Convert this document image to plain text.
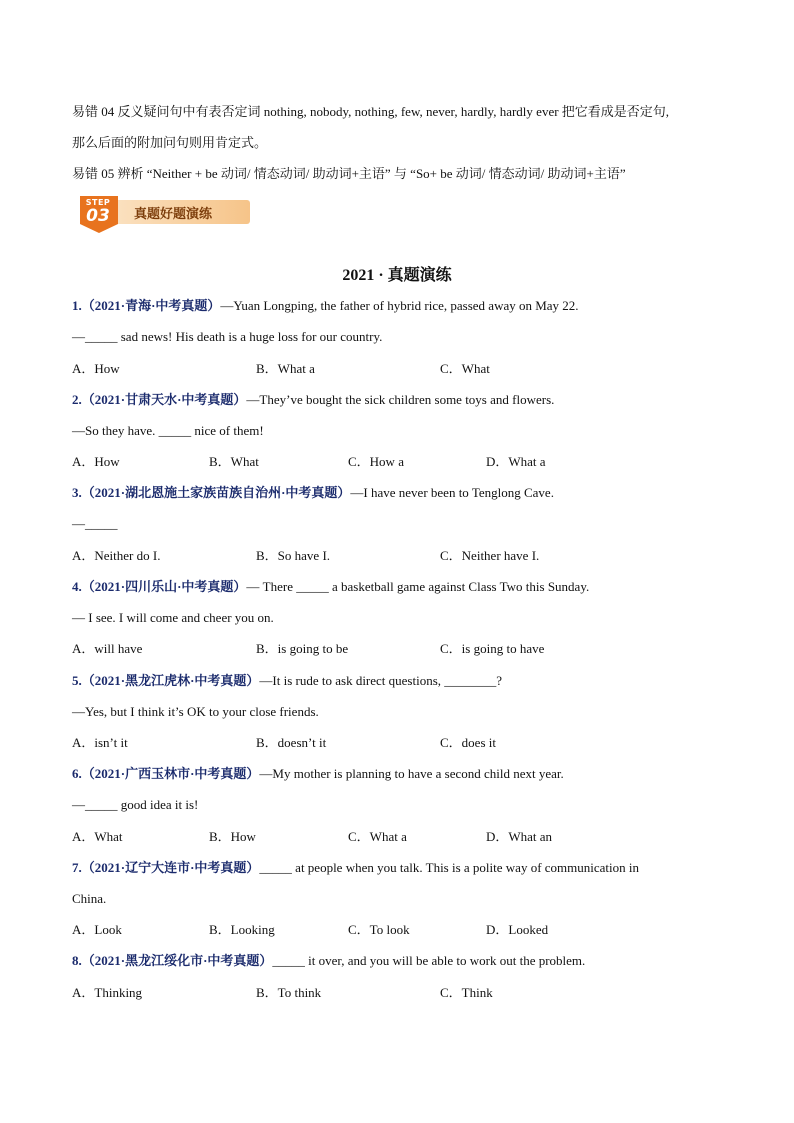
易错 04 反义疑问句中有表否定词 nothing, nobody, nothing, few, never, hardly, hardly ever 把它看成是否定句,
那么后面的附加问句则用肯定式。
易错 05 辨析 “Neither + be 动词/ 情态动词/ 助动词+主语” 与 “So+ be 动词/ 情态动词/ 助动词+主语”
STEP
03	真题好题演练
2021 · 真题演练
1.（2021·青海·中考真题）—Yuan Longping, the father of hybrid rice, passed away on May 22.
—_____ sad news! His death is a huge loss for our country.
A．How	B．What a	C．What
2.（2021·甘肃天水·中考真题）—They’ve bought the sick children some toys and flowers.
—So they have. _____ nice of them!
A．How	B．What	C．How a	D．What a
3.（2021·湖北恩施土家族苗族自治州·中考真题）—I have never been to Tenglong Cave.
—_____
A．Neither do I.	B．So have I.	C．Neither have I.
4.（2021·四川乐山·中考真题）— There _____ a basketball game against Class Two this Sunday.
— I see. I will come and cheer you on.
A．will have	B．is going to be	C．is going to have
5.（2021·黑龙江虎林·中考真题）—It is rude to ask direct questions, ________?
—Yes, but I think it’s OK to your close friends.
A．isn’t it	B．doesn’t it	C．does it
6.（2021·广西玉林市·中考真题）—My mother is planning to have a second child next year.
—_____ good idea it is!
A．What	B．How	C．What a	D．What an
7.（2021·辽宁大连市·中考真题）_____ at people when you talk. This is a polite way of communication in
China.
A．Look	B．Looking	C．To look	D．Looked
8.（2021·黑龙江绥化市·中考真题）_____ it over, and you will be able to work out the problem.
A．Thinking	B．To think	C．Think
